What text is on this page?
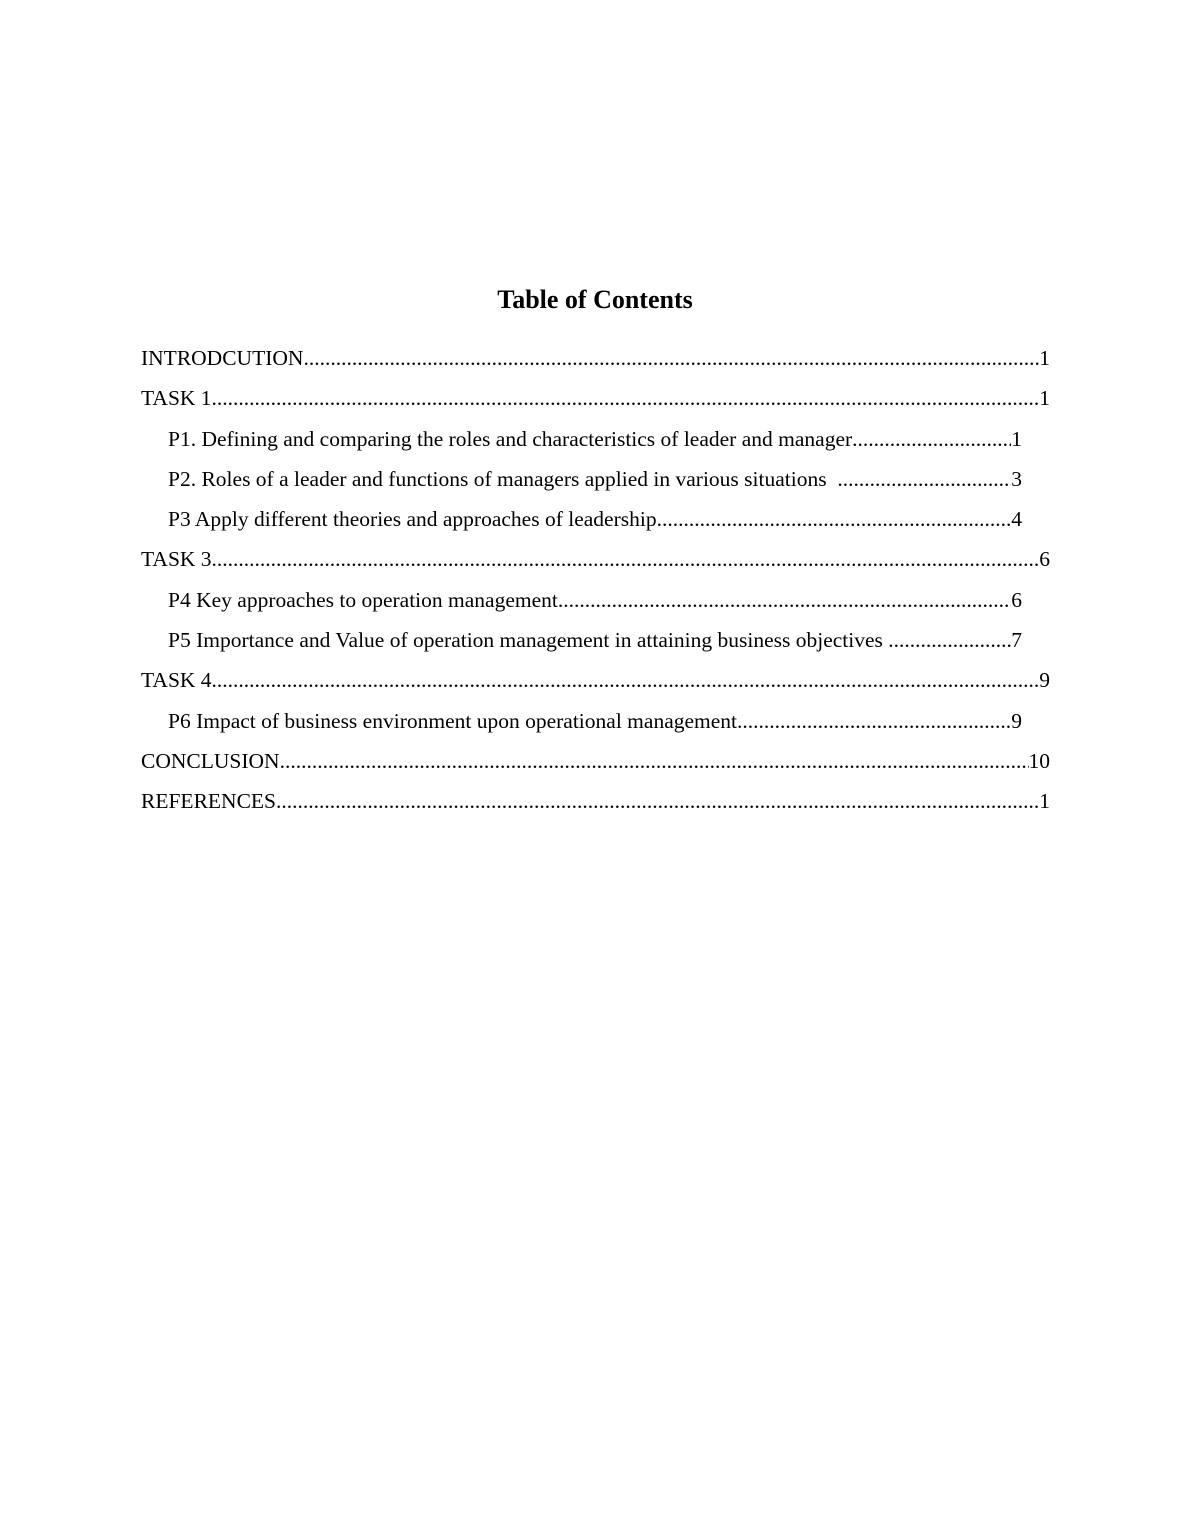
Table of Contents
INTRODCUTION .....	1
TASK 1 .....	1
P1. Defining and comparing the roles and characteristics of leader and manager .....	1
P2. Roles of a leader and functions of managers applied in various situations .....	3
P3 Apply different theories and approaches of leadership .....	4
TASK 3 .....	6
P4 Key approaches to operation management .....	6
P5 Importance and Value of operation management in attaining business objectives .....	7
TASK 4 .....	9
P6 Impact of business environment upon operational management .....	9
CONCLUSION .....	10
REFERENCES .....	1
